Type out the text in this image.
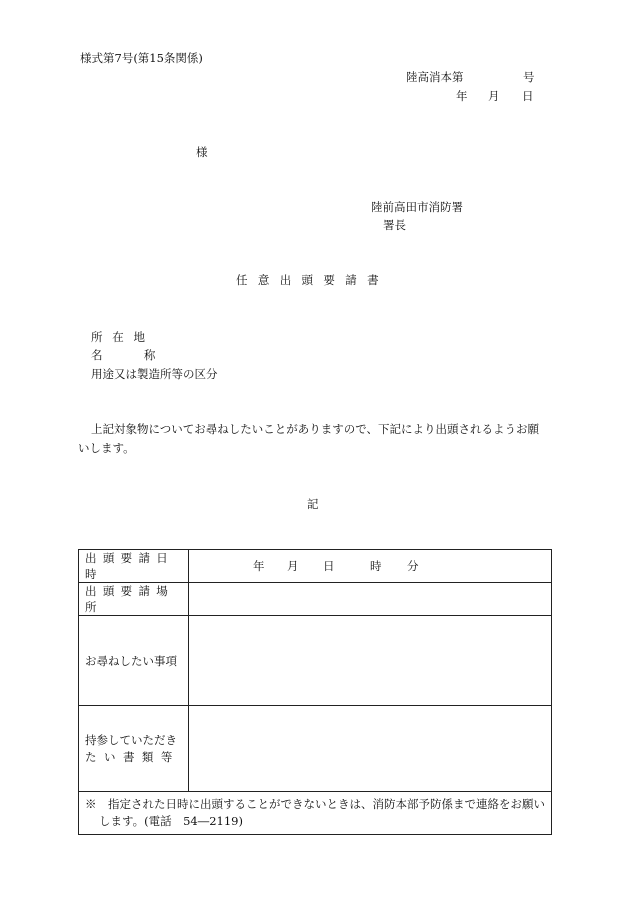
様式第7号(第15条関係)
陸高消本第	号
年 月 日
様
陸前高田市消防署
署長
任意出頭要請書
所在地
名称
用途又は製造所等の区分
上記対象物についてお尋ねしたいことがありますので、下記により出頭されるようお願
いします。
記
出頭要請日時	年 月 日 時 分

出頭要請場所	
お尋ねしたい事項	

持参していただき
たい書類等	

※　指定された日時に出頭することができないときは、消防本部予防係まで連絡をお願い
します。(電話　54―2119)	
